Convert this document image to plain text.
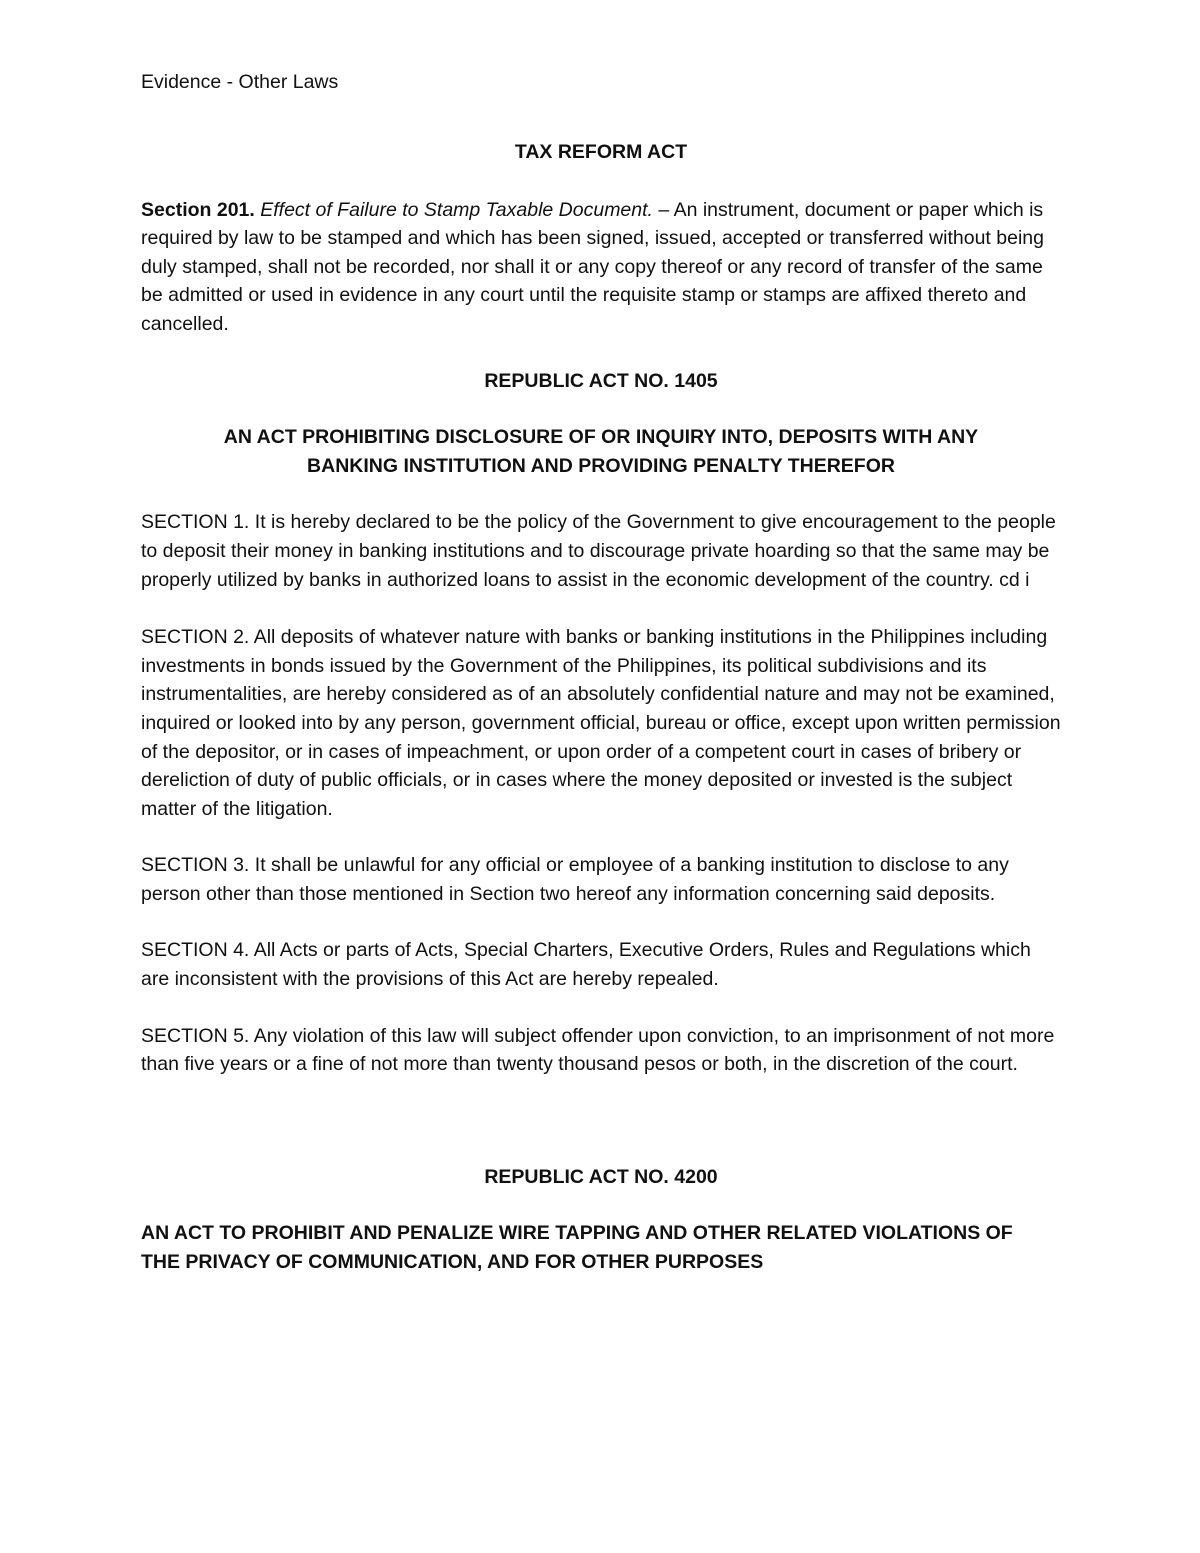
Evidence - Other Laws

TAX REFORM ACT

Section 201. Effect of Failure to Stamp Taxable Document. – An instrument, document or paper which is required by law to be stamped and which has been signed, issued, accepted or transferred without being duly stamped, shall not be recorded, nor shall it or any copy thereof or any record of transfer of the same be admitted or used in evidence in any court until the requisite stamp or stamps are affixed thereto and cancelled.

REPUBLIC ACT NO. 1405

AN ACT PROHIBITING DISCLOSURE OF OR INQUIRY INTO, DEPOSITS WITH ANY BANKING INSTITUTION AND PROVIDING PENALTY THEREFOR

SECTION 1. It is hereby declared to be the policy of the Government to give encouragement to the people to deposit their money in banking institutions and to discourage private hoarding so that the same may be properly utilized by banks in authorized loans to assist in the economic development of the country. cd i

SECTION 2. All deposits of whatever nature with banks or banking institutions in the Philippines including investments in bonds issued by the Government of the Philippines, its political subdivisions and its instrumentalities, are hereby considered as of an absolutely confidential nature and may not be examined, inquired or looked into by any person, government official, bureau or office, except upon written permission of the depositor, or in cases of impeachment, or upon order of a competent court in cases of bribery or dereliction of duty of public officials, or in cases where the money deposited or invested is the subject matter of the litigation.

SECTION 3. It shall be unlawful for any official or employee of a banking institution to disclose to any person other than those mentioned in Section two hereof any information concerning said deposits.

SECTION 4. All Acts or parts of Acts, Special Charters, Executive Orders, Rules and Regulations which are inconsistent with the provisions of this Act are hereby repealed.

SECTION 5. Any violation of this law will subject offender upon conviction, to an imprisonment of not more than five years or a fine of not more than twenty thousand pesos or both, in the discretion of the court.

REPUBLIC ACT NO. 4200

AN ACT TO PROHIBIT AND PENALIZE WIRE TAPPING AND OTHER RELATED VIOLATIONS OF THE PRIVACY OF COMMUNICATION, AND FOR OTHER PURPOSES
